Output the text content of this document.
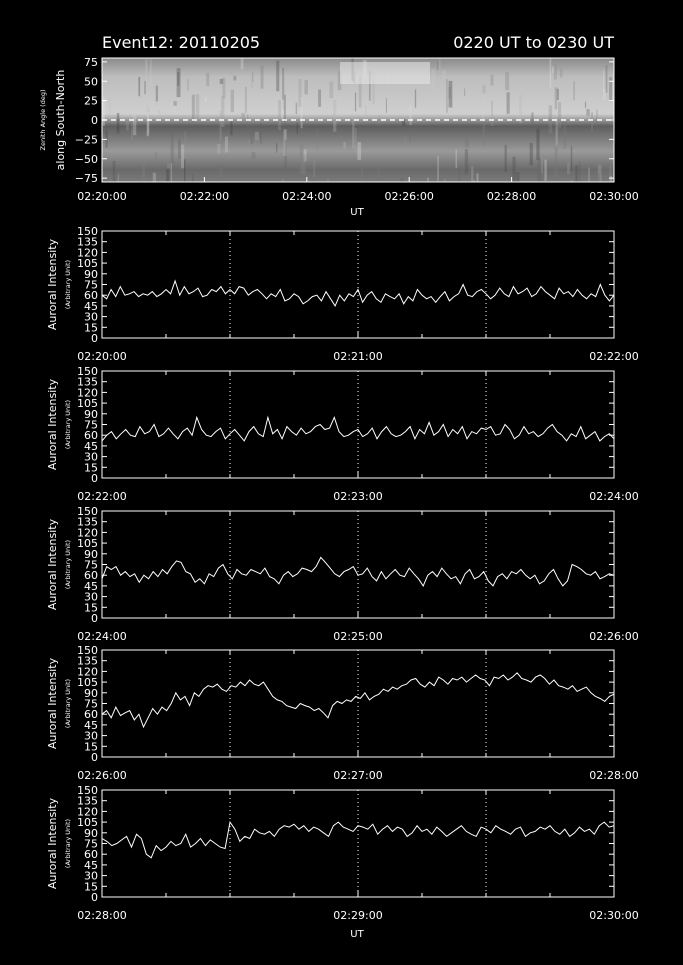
75
50
25
0
−25
−50
−75
02:20:00	02:22:00	02:24:00	02:26:00	02:28:00	02:30:00
UT
Zenith Angle (deg) along South-North
0
15
30
45
60
75
90
105
120
135
150
02:20:00	02:21:00	02:22:00
Auroral Intensity (Arbitrary Unit)
0
15
30
45
60
75
90
105
120
135
150
02:22:00	02:23:00	02:24:00
Auroral Intensity (Arbitrary Unit)
0
15
30
45
60
75
90
105
120
135
150
02:24:00	02:25:00	02:26:00
Auroral Intensity (Arbitrary Unit)
0
15
30
45
60
75
90
105
120
135
150
02:26:00	02:27:00	02:28:00
Auroral Intensity (Arbitrary Unit)
0
15
30
45
60
75
90
105
120
135
150
02:28:00	02:29:00	02:30:00
Auroral Intensity (Arbitrary Unit)
UT
Event12: 20110205	0220 UT to 0230 UT
